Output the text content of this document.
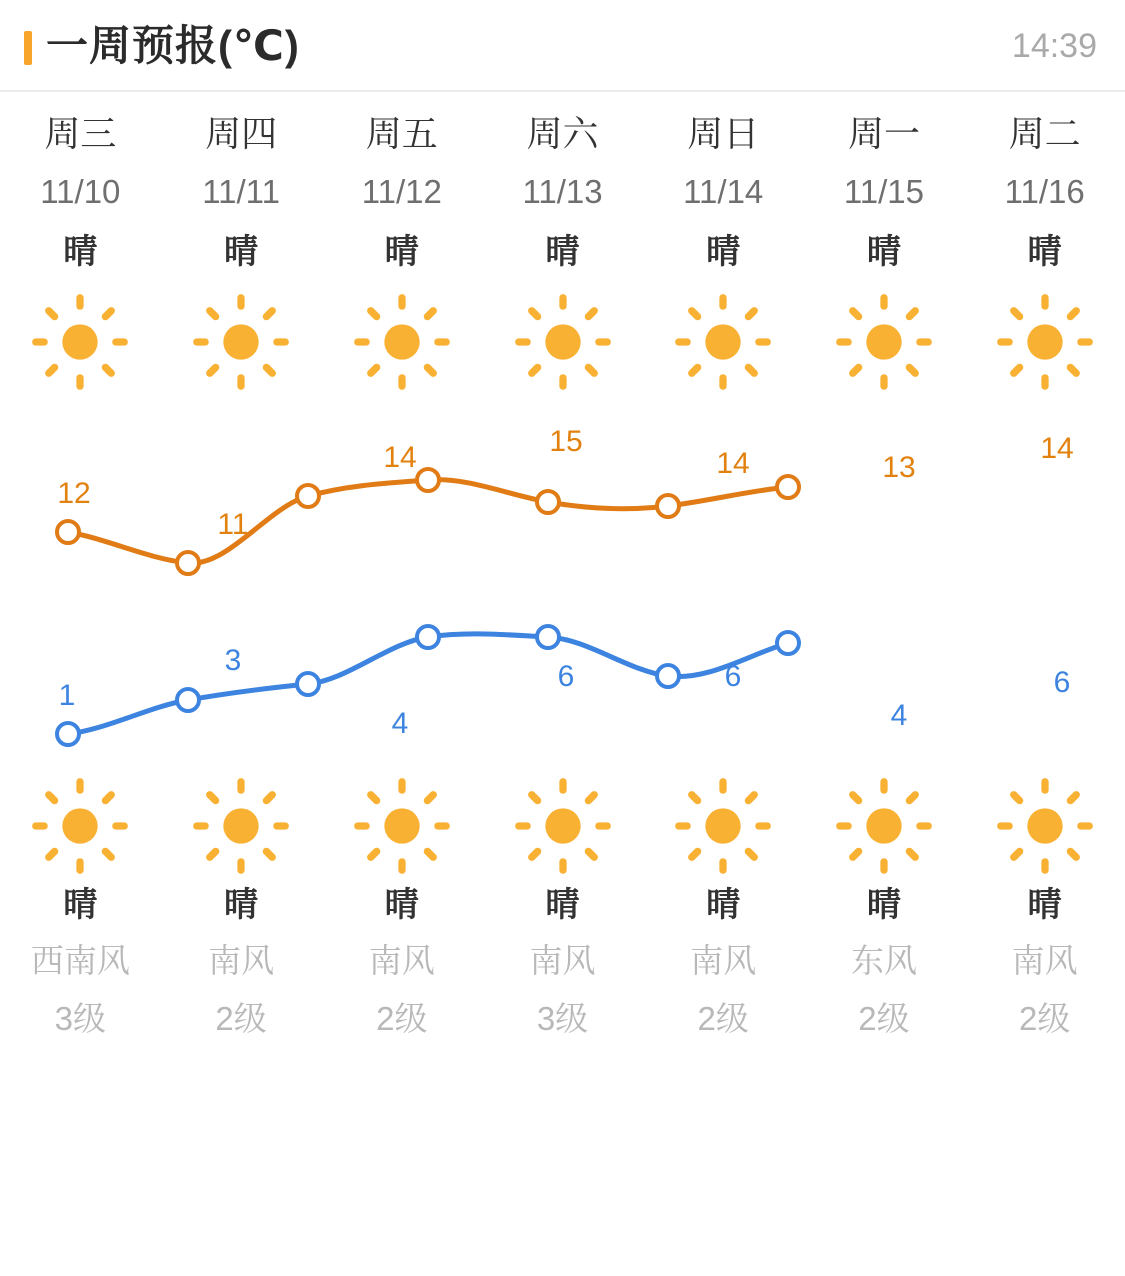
一周预报(℃)	14:39
周三	周四	周五	周六	周日	周一	周二
11/10	11/11	11/12	11/13	11/14	11/15	11/16
晴	晴	晴	晴	晴	晴	晴
12
11
14	15
14	13
14
1
3
4
6	6
4
6
晴	晴	晴	晴	晴	晴	晴
西南风	南风	南风	南风	南风	东风	南风
3级	2级	2级	3级	2级	2级	2级
